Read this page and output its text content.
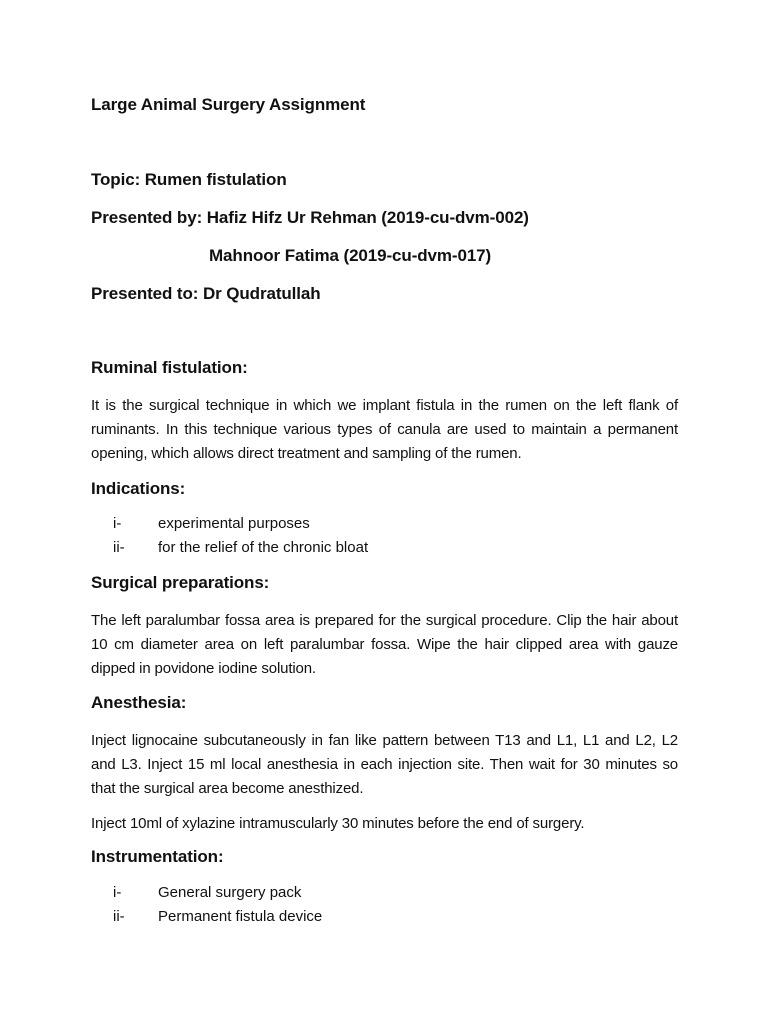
Large Animal Surgery Assignment
Topic: Rumen fistulation
Presented by: Hafiz Hifz Ur Rehman (2019-cu-dvm-002)
Mahnoor Fatima (2019-cu-dvm-017)
Presented to: Dr Qudratullah
Ruminal fistulation:
It is the surgical technique in which we implant fistula in the rumen on the left flank of ruminants. In this technique various types of canula are used to maintain a permanent opening, which allows direct treatment and sampling of the rumen.
Indications:
i- experimental purposes
ii- for the relief of the chronic bloat
Surgical preparations:
The left paralumbar fossa area is prepared for the surgical procedure. Clip the hair about 10 cm diameter area on left paralumbar fossa. Wipe the hair clipped area with gauze dipped in povidone iodine solution.
Anesthesia:
Inject lignocaine subcutaneously in fan like pattern between T13 and L1, L1 and L2, L2 and L3. Inject 15 ml local anesthesia in each injection site. Then wait for 30 minutes so that the surgical area become anesthized.
Inject 10ml of xylazine intramuscularly 30 minutes before the end of surgery.
Instrumentation:
i- General surgery pack
ii- Permanent fistula device
